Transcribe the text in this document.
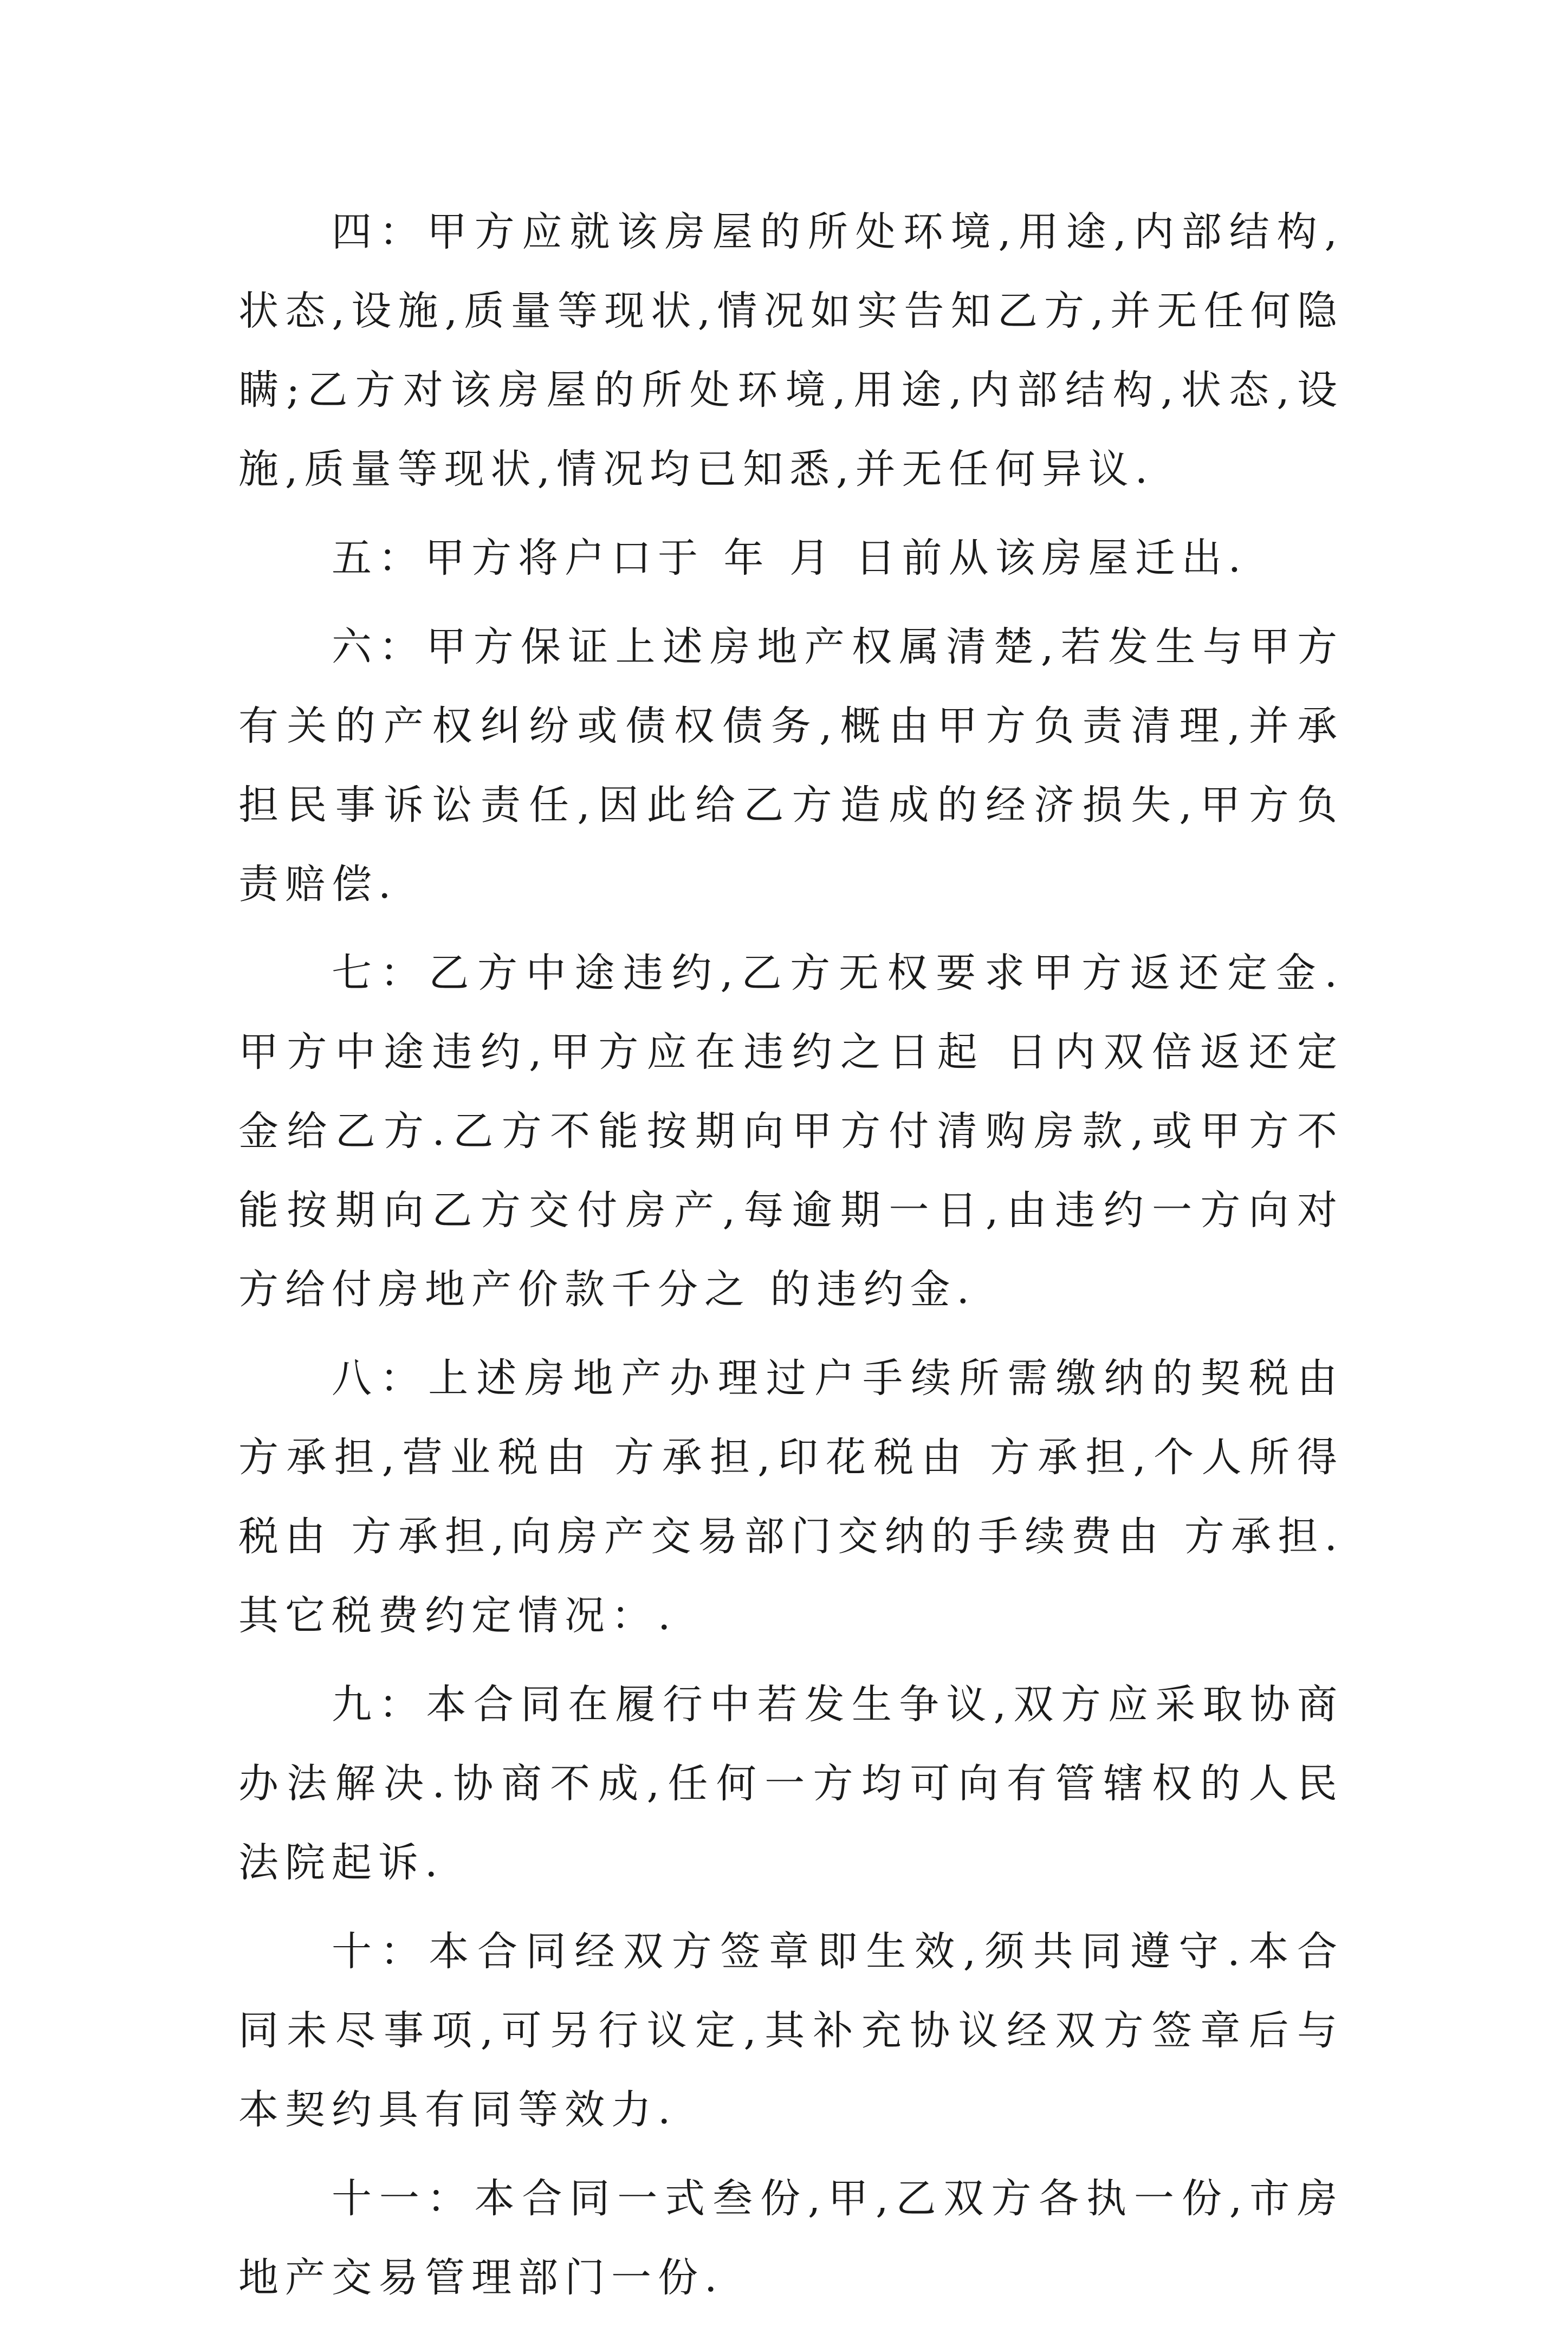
四：甲方应就该房屋的所处环境,用途,内部结构,状态,设施,质量等现状,情况如实告知乙方,并无任何隐瞒;乙方对该房屋的所处环境,用途,内部结构,状态,设施,质量等现状,情况均已知悉,并无任何异议.

五：甲方将户口于 年 月 日前从该房屋迁出.

六：甲方保证上述房地产权属清楚,若发生与甲方有关的产权纠纷或债权债务,概由甲方负责清理,并承担民事诉讼责任,因此给乙方造成的经济损失,甲方负责赔偿.

七：乙方中途违约,乙方无权要求甲方返还定金.甲方中途违约,甲方应在违约之日起 日内双倍返还定金给乙方.乙方不能按期向甲方付清购房款,或甲方不能按期向乙方交付房产,每逾期一日,由违约一方向对方给付房地产价款千分之 的违约金.

八：上述房地产办理过户手续所需缴纳的契税由 方承担,营业税由 方承担,印花税由 方承担,个人所得税由 方承担,向房产交易部门交纳的手续费由 方承担.其它税费约定情况：.

九：本合同在履行中若发生争议,双方应采取协商办法解决.协商不成,任何一方均可向有管辖权的人民法院起诉.

十：本合同经双方签章即生效,须共同遵守.本合同未尽事项,可另行议定,其补充协议经双方签章后与本契约具有同等效力.

十一：本合同一式叁份,甲,乙双方各执一份,市房地产交易管理部门一份.
